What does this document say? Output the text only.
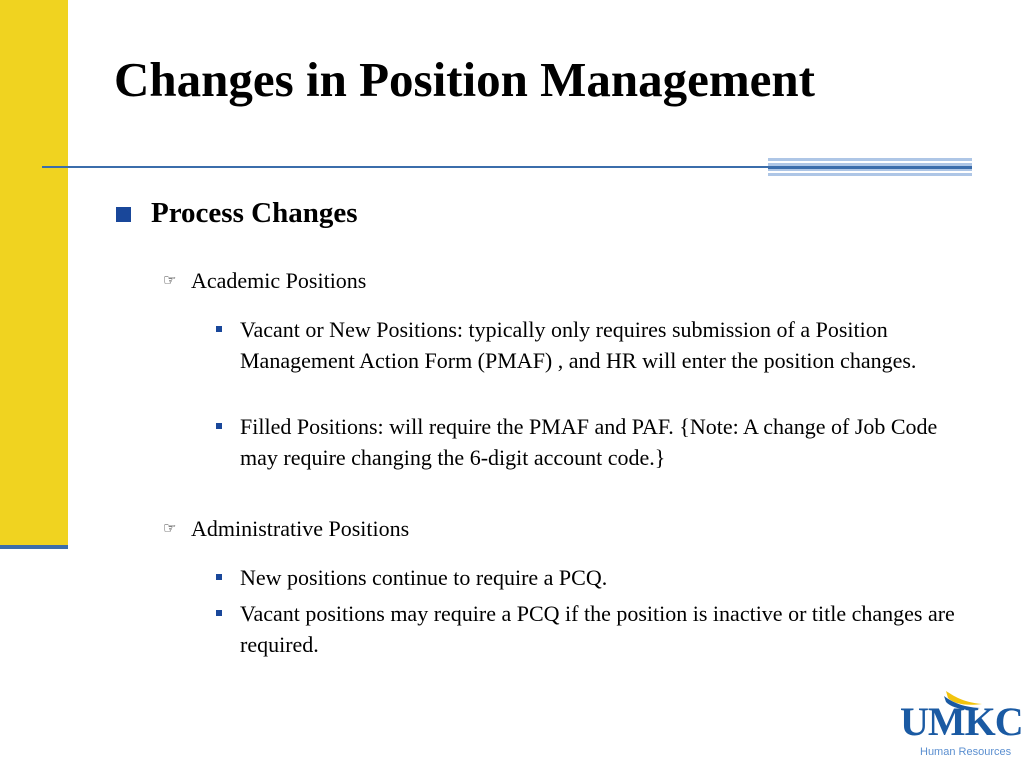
Changes in Position Management
Process Changes
☞ Academic Positions
Vacant or New Positions: typically only requires submission of a Position Management Action Form (PMAF) , and HR will enter the position changes.
Filled Positions: will require the PMAF and PAF. {Note: A change of Job Code may require changing the 6-digit account code.}
☞ Administrative Positions
New positions continue to require a PCQ.
Vacant positions may require a PCQ if the position is inactive or title changes are required.
UMKC
Human Resources
